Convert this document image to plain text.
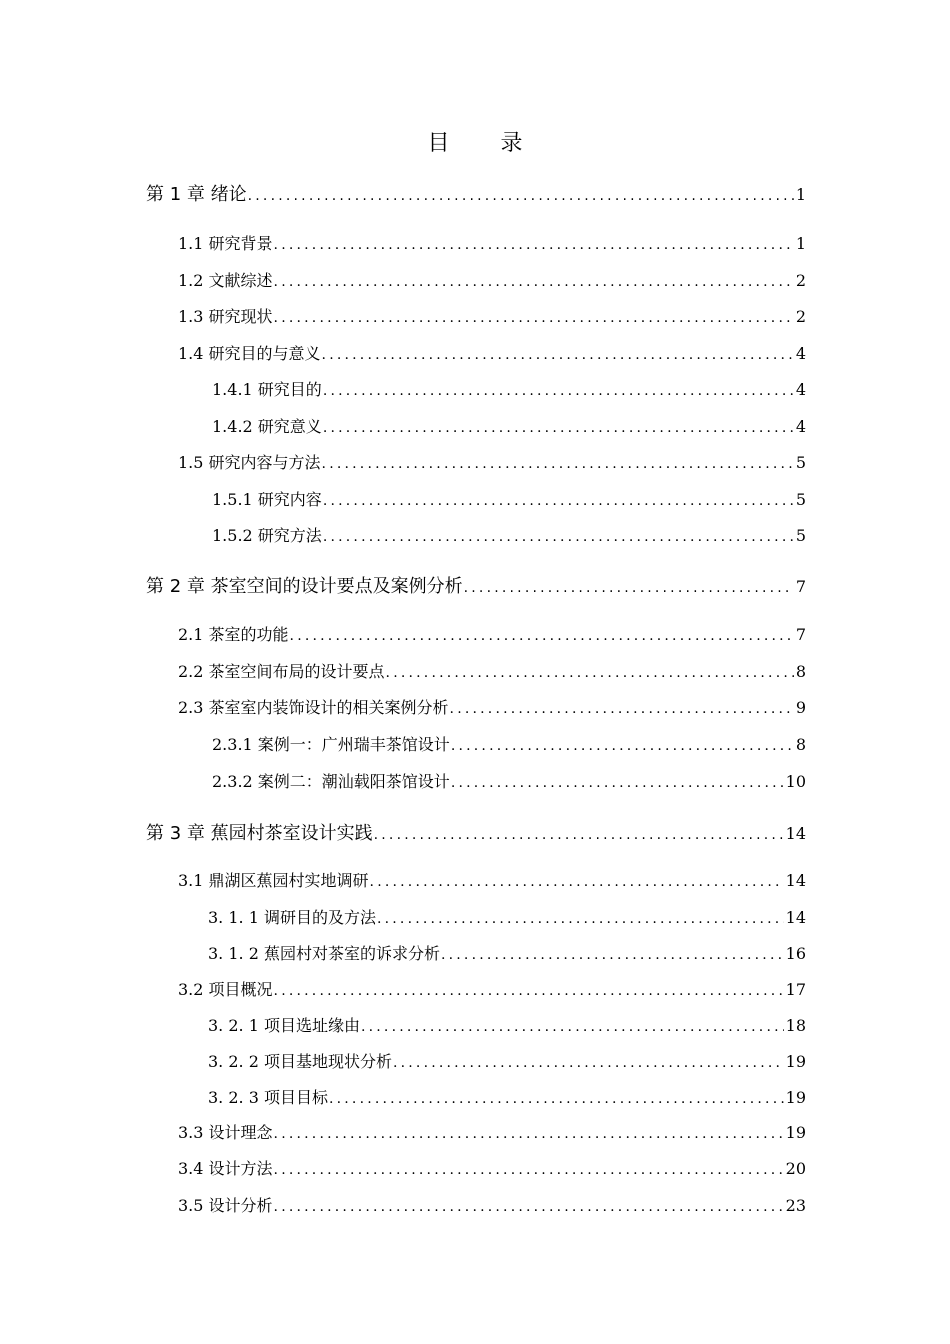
目 录
第 1 章 绪论 .....	1
1.1 研究背景 .....	1
1.2 文献综述 .....	2
1.3 研究现状 .....	2
1.4 研究目的与意义 .....	4
1.4.1 研究目的 .....	4
1.4.2 研究意义 .....	4
1.5 研究内容与方法 .....	5
1.5.1 研究内容 .....	5
1.5.2 研究方法 .....	5
第 2 章 茶室空间的设计要点及案例分析 .....	7
2.1 茶室的功能 .....	7
2.2 茶室空间布局的设计要点 .....	8
2.3 茶室室内装饰设计的相关案例分析 .....	9
2.3.1 案例一：广州瑞丰茶馆设计 .....	8
2.3.2 案例二：潮汕载阳茶馆设计 .....	10
第 3 章 蕉园村茶室设计实践 .....	14
3.1 鼎湖区蕉园村实地调研 .....	14
3. 1. 1 调研目的及方法 .....	14
3. 1. 2 蕉园村对茶室的诉求分析 .....	16
3.2 项目概况 .....	17
3. 2. 1 项目选址缘由 .....	18
3. 2. 2 项目基地现状分析 .....	19
3. 2. 3 项目目标 .....	19
3.3 设计理念 .....	19
3.4 设计方法 .....	20
3.5 设计分析 .....	23
